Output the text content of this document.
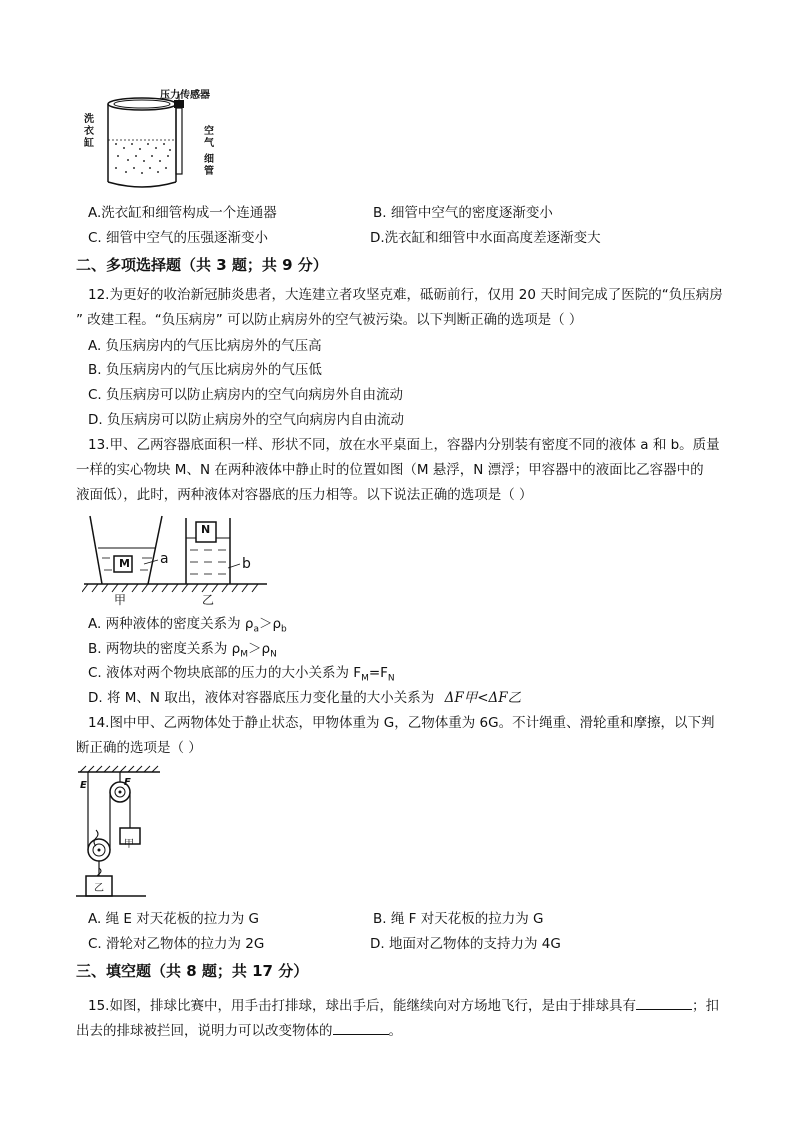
压力传感器
洗
衣
缸
空
气
细
管
A.洗衣缸和细管构成一个连通器	B. 细管中空气的密度逐渐变小
C. 细管中空气的压强逐渐变小	D.洗衣缸和细管中水面高度差逐渐变大
二、多项选择题（共 3 题；共 9 分）
12.为更好的收治新冠肺炎患者，大连建立者攻坚克难，砥砺前行，仅用 20 天时间完成了医院的“负压病房
” 改建工程。“负压病房” 可以防止病房外的空气被污染。以下判断正确的选项是（ ）
A. 负压病房内的气压比病房外的气压高
B. 负压病房内的气压比病房外的气压低
C. 负压病房可以防止病房内的空气向病房外自由流动
D. 负压病房可以防止病房外的空气向病房内自由流动
13.甲、乙两容器底面积一样、形状不同，放在水平桌面上，容器内分别装有密度不同的液体 a 和 b。质量
一样的实心物块 M、N 在两种液体中静止时的位置如图（M 悬浮，N 漂浮；甲容器中的液面比乙容器中的
液面低），此时，两种液体对容器底的压力相等。以下说法正确的选项是（ ）
M
N
a	b
甲	乙
A. 两种液体的密度关系为 $\rho_a>\rho_b$
B. 两物块的密度关系为 $\rho_M>\rho_N$
C. 液体对两个物块底部的压力的大小关系为 $F_M=F_N$
D. 将 M、N 取出，液体对容器底压力变化量的大小关系为 ΔF甲<ΔF乙
14.图中甲、乙两物体处于静止状态，甲物体重为 G，乙物体重为 6G。不计绳重、滑轮重和摩擦，以下判
断正确的选项是（ ）
E	F
甲
乙
A. 绳 E 对天花板的拉力为 G	B. 绳 F 对天花板的拉力为 G
C. 滑轮对乙物体的拉力为 2G	D. 地面对乙物体的支持力为 4G
三、填空题（共 8 题；共 17 分）
15.如图，排球比赛中，用手击打排球，球出手后，能继续向对方场地飞行，是由于排球具有	；扣
出去的排球被拦回，说明力可以改变物体的	。
